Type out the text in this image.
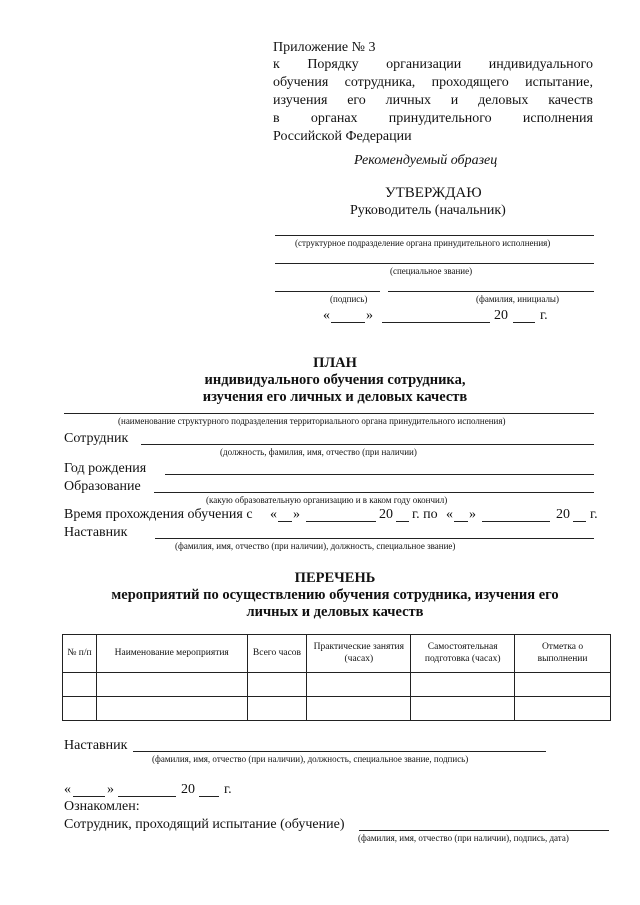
Приложение № 3
к Порядку организации индивидуального
обучения сотрудника, проходящего испытание,
изучения его личных и деловых качеств
в органах принудительного исполнения
Российской Федерации
Рекомендуемый образец
УТВЕРЖДАЮ
Руководитель (начальник)
(структурное подразделение органа принудительного исполнения)
(специальное звание)
(подпись)	(фамилия, инициалы)
«	»	20 г.
ПЛАН
индивидуального обучения сотрудника,
изучения его личных и деловых качеств
(наименование структурного подразделения территориального органа принудительного исполнения)
Сотрудник
(должность, фамилия, имя, отчество (при наличии)
Год рождения
Образование
(какую образовательную организацию и в каком году окончил)
Время прохождения обучения с « »	20 г. по « »	20 г.
Наставник
(фамилия, имя, отчество (при наличии), должность, специальное звание)
ПЕРЕЧЕНЬ
мероприятий по осуществлению обучения сотрудника, изучения его
личных и деловых качеств
№ п/п	Наименование мероприятия	Всего часов	Практические занятия (часах)	Самостоятельная подготовка (часах)	Отметка о выполнении

Наставник
(фамилия, имя, отчество (при наличии), должность, специальное звание, подпись)
«	»	20 г.
Ознакомлен:
Сотрудник, проходящий испытание (обучение)
(фамилия, имя, отчество (при наличии), подпись, дата)
